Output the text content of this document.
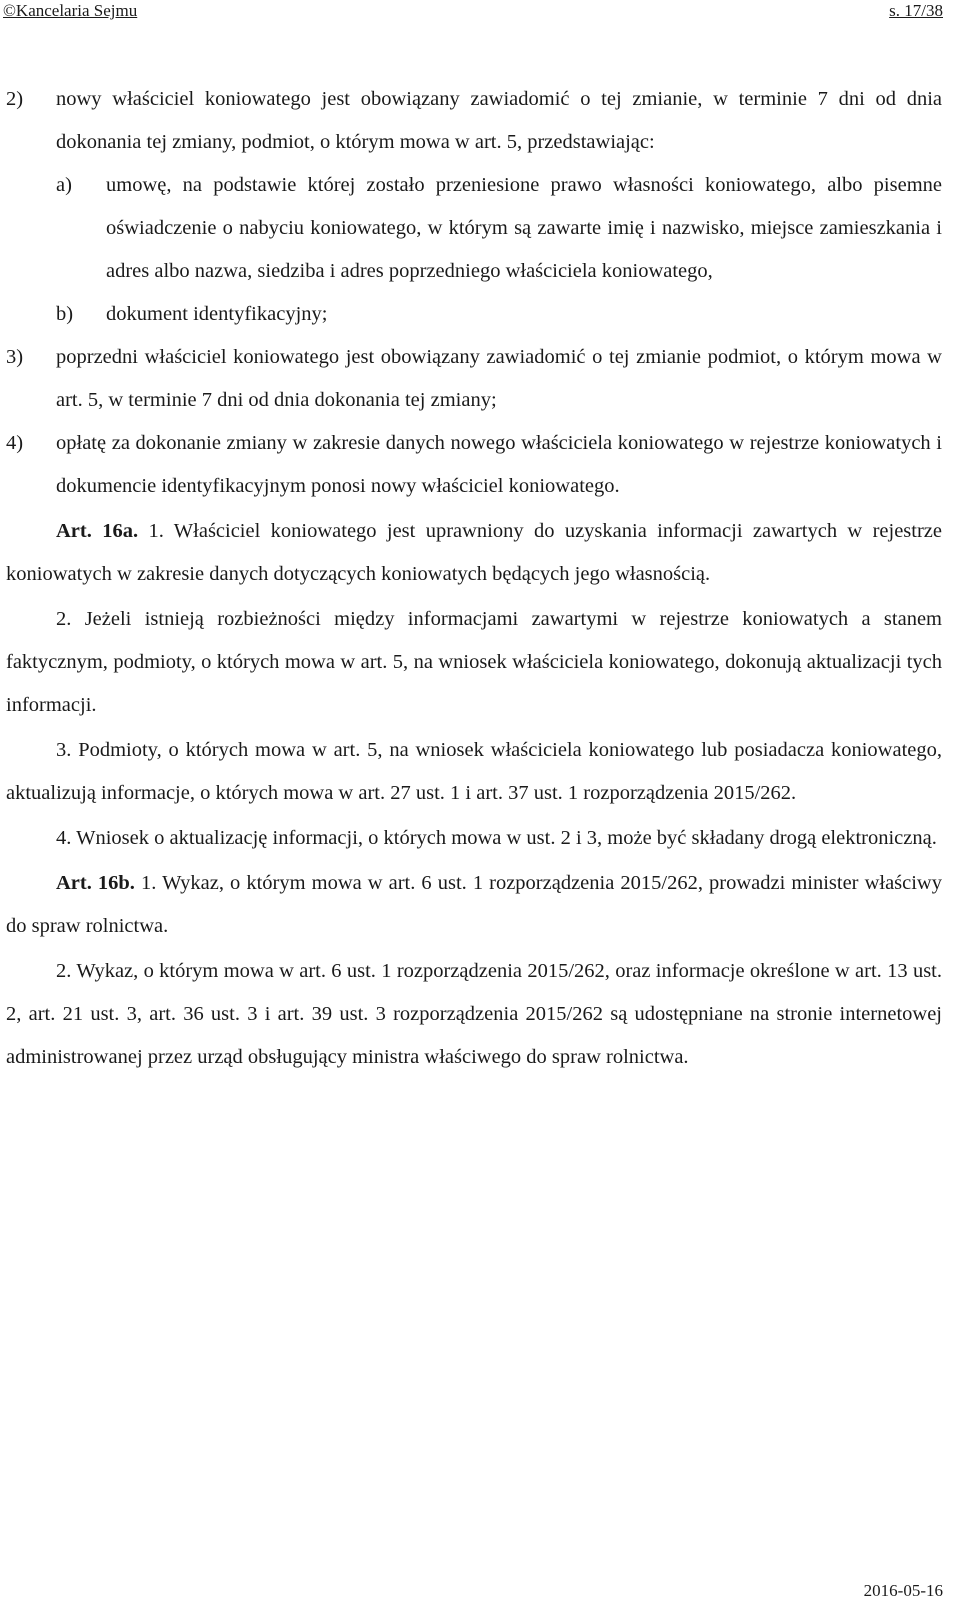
©Kancelaria Sejmu	s. 17/38
2) nowy właściciel koniowatego jest obowiązany zawiadomić o tej zmianie, w terminie 7 dni od dnia dokonania tej zmiany, podmiot, o którym mowa w art. 5, przedstawiając:
a) umowę, na podstawie której zostało przeniesione prawo własności koniowatego, albo pisemne oświadczenie o nabyciu koniowatego, w którym są zawarte imię i nazwisko, miejsce zamieszkania i adres albo nazwa, siedziba i adres poprzedniego właściciela koniowatego,
b) dokument identyfikacyjny;
3) poprzedni właściciel koniowatego jest obowiązany zawiadomić o tej zmianie podmiot, o którym mowa w art. 5, w terminie 7 dni od dnia dokonania tej zmiany;
4) opłatę za dokonanie zmiany w zakresie danych nowego właściciela koniowatego w rejestrze koniowatych i dokumencie identyfikacyjnym ponosi nowy właściciel koniowatego.
Art. 16a. 1. Właściciel koniowatego jest uprawniony do uzyskania informacji zawartych w rejestrze koniowatych w zakresie danych dotyczących koniowatych będących jego własnością.
2. Jeżeli istnieją rozbieżności między informacjami zawartymi w rejestrze koniowatych a stanem faktycznym, podmioty, o których mowa w art. 5, na wniosek właściciela koniowatego, dokonują aktualizacji tych informacji.
3. Podmioty, o których mowa w art. 5, na wniosek właściciela koniowatego lub posiadacza koniowatego, aktualizują informacje, o których mowa w art. 27 ust. 1 i art. 37 ust. 1 rozporządzenia 2015/262.
4. Wniosek o aktualizację informacji, o których mowa w ust. 2 i 3, może być składany drogą elektroniczną.
Art. 16b. 1. Wykaz, o którym mowa w art. 6 ust. 1 rozporządzenia 2015/262, prowadzi minister właściwy do spraw rolnictwa.
2. Wykaz, o którym mowa w art. 6 ust. 1 rozporządzenia 2015/262, oraz informacje określone w art. 13 ust. 2, art. 21 ust. 3, art. 36 ust. 3 i art. 39 ust. 3 rozporządzenia 2015/262 są udostępniane na stronie internetowej administrowanej przez urząd obsługujący ministra właściwego do spraw rolnictwa.
2016-05-16
